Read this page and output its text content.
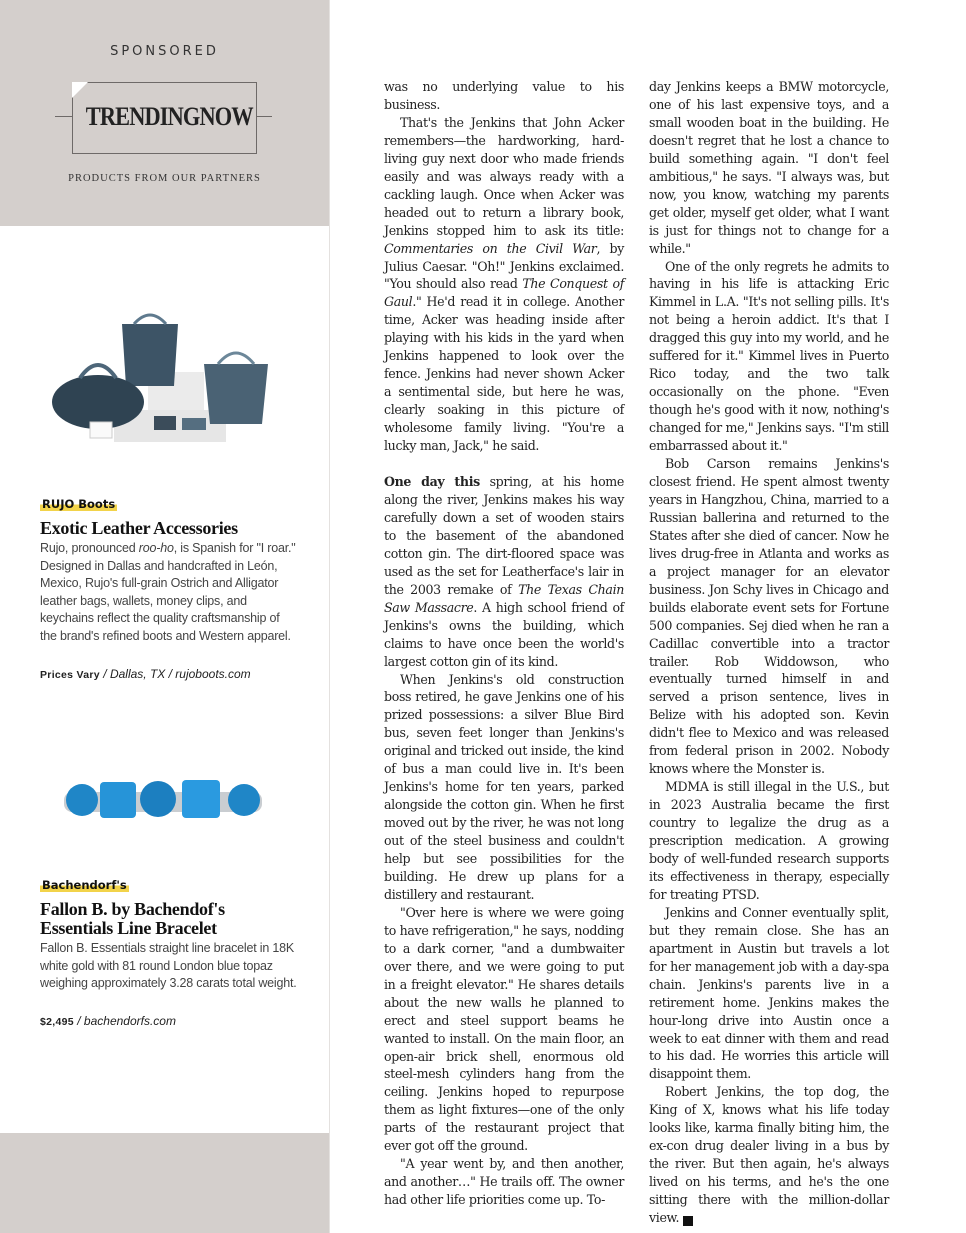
SPONSORED
TRENDINGNOW
PRODUCTS FROM OUR PARTNERS
RUJO Boots
Exotic Leather Accessories
Rujo, pronounced roo-ho, is Spanish for "I roar." Designed in Dallas and handcrafted in León, Mexico, Rujo's full-grain Ostrich and Alligator leather bags, wallets, money clips, and keychains reflect the quality craftsmanship of the brand's refined boots and Western apparel.
Prices Vary / Dallas, TX / rujoboots.com
Bachendorf's
Fallon B. by Bachendof's Essentials Line Bracelet
Fallon B. Essentials straight line bracelet in 18K white gold with 81 round London blue topaz weighing approximately 3.28 carats total weight.
$2,495 / bachendorfs.com

was no underlying value to his business.

That's the Jenkins that John Acker remembers—the hardworking, hard-living guy next door who made friends easily and was always ready with a cackling laugh. Once when Acker was headed out to return a library book, Jenkins stopped him to ask its title: Commentaries on the Civil War, by Julius Caesar. "Oh!" Jenkins exclaimed. "You should also read The Conquest of Gaul." He'd read it in college. Another time, Acker was heading inside after playing with his kids in the yard when Jenkins happened to look over the fence. Jenkins had never shown Acker a sentimental side, but here he was, clearly soaking in this picture of wholesome family living. "You're a lucky man, Jack," he said.

One day this spring, at his home along the river, Jenkins makes his way carefully down a set of wooden stairs to the basement of the abandoned cotton gin. The dirt-floored space was used as the set for Leatherface's lair in the 2003 remake of The Texas Chain Saw Massacre. A high school friend of Jenkins's owns the building, which claims to have once been the world's largest cotton gin of its kind.

When Jenkins's old construction boss retired, he gave Jenkins one of his prized possessions: a silver Blue Bird bus, seven feet longer than Jenkins's original and tricked out inside, the kind of bus a man could live in. It's been Jenkins's home for ten years, parked alongside the cotton gin. When he first moved out by the river, he was not long out of the steel business and couldn't help but see possibilities for the building. He drew up plans for a distillery and restaurant.

"Over here is where we were going to have refrigeration," he says, nodding to a dark corner, "and a dumbwaiter over there, and we were going to put in a freight elevator." He shares details about the new walls he planned to erect and steel support beams he wanted to install. On the main floor, an open-air brick shell, enormous old steel-mesh cylinders hang from the ceiling. Jenkins hoped to repurpose them as light fixtures—one of the only parts of the restaurant project that ever got off the ground.

"A year went by, and then another, and another…" He trails off. The owner had other life priorities come up. To-

day Jenkins keeps a BMW motorcycle, one of his last expensive toys, and a small wooden boat in the building. He doesn't regret that he lost a chance to build something again. "I don't feel ambitious," he says. "I always was, but now, you know, watching my parents get older, myself get older, what I want is just for things not to change for a while."

One of the only regrets he admits to having in his life is attacking Eric Kimmel in L.A. "It's not selling pills. It's not being a heroin addict. It's that I dragged this guy into my world, and he suffered for it." Kimmel lives in Puerto Rico today, and the two talk occasionally on the phone. "Even though he's good with it now, nothing's changed for me," Jenkins says. "I'm still embarrassed about it."

Bob Carson remains Jenkins's closest friend. He spent almost twenty years in Hangzhou, China, married to a Russian ballerina and returned to the States after she died of cancer. Now he lives drug-free in Atlanta and works as a project manager for an elevator business. Jon Schy lives in Chicago and builds elaborate event sets for Fortune 500 companies. Sej died when he ran a Cadillac convertible into a tractor trailer. Rob Widdowson, who eventually turned himself in and served a prison sentence, lives in Belize with his adopted son. Kevin didn't flee to Mexico and was released from federal prison in 2002. Nobody knows where the Monster is.

MDMA is still illegal in the U.S., but in 2023 Australia became the first country to legalize the drug as a prescription medication. A growing body of well-funded research supports its effectiveness in therapy, especially for treating PTSD.

Jenkins and Conner eventually split, but they remain close. She has an apartment in Austin but travels a lot for her management job with a day-spa chain. Jenkins's parents live in a retirement home. Jenkins makes the hour-long drive into Austin once a week to eat dinner with them and read to his dad. He worries this article will disappoint them.

Robert Jenkins, the top dog, the King of X, knows what his life today looks like, karma finally biting him, the ex-con drug dealer living in a bus by the river. But then again, he's always lived on his terms, and he's the one sitting there with the million-dollar view.	★
